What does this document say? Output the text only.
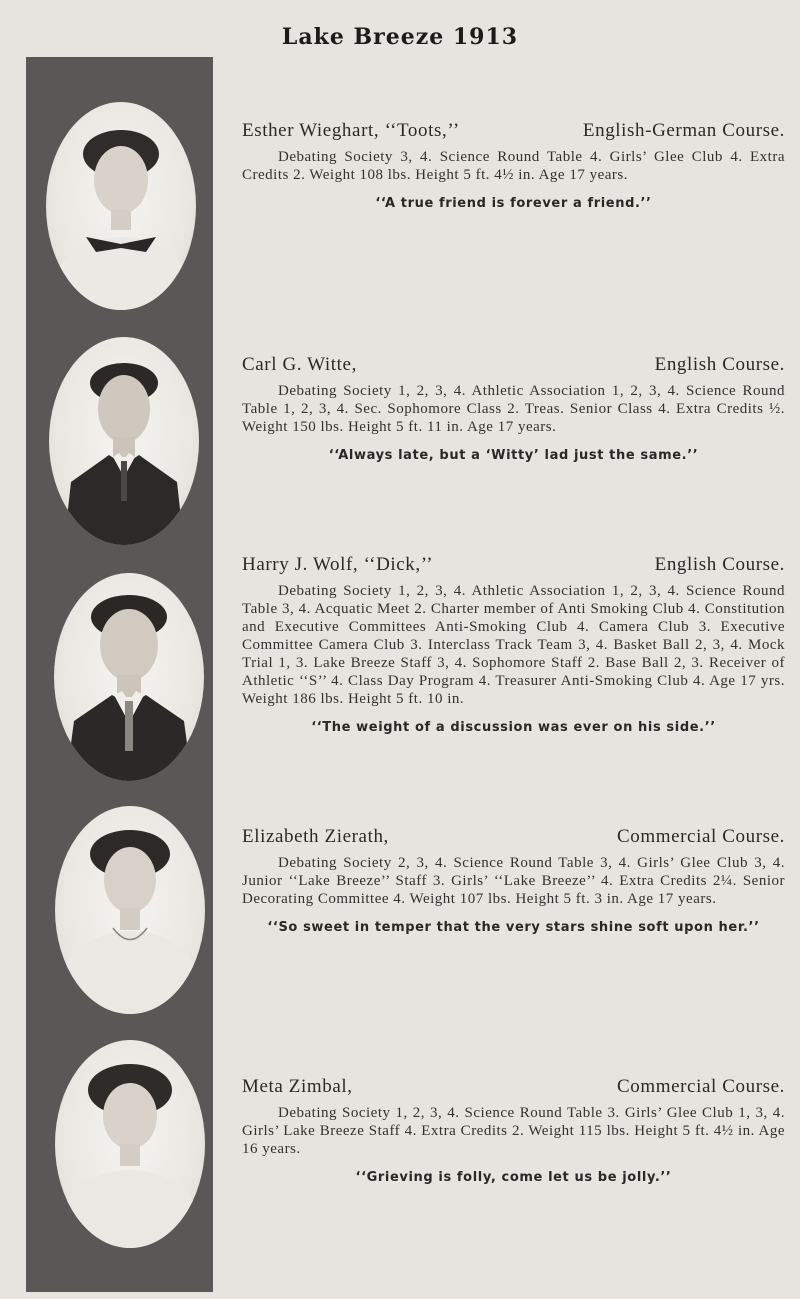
Lake Breeze 1913
Esther Wieghart, ‘‘Toots,’’	English-German Course.
Debating Society 3, 4. Science Round Table 4. Girls’ Glee Club 4. Extra Credits 2. Weight 108 lbs. Height 5 ft. 4½ in. Age 17 years.
‘‘A true friend is forever a friend.’’
Carl G. Witte,	English Course.
Debating Society 1, 2, 3, 4. Athletic Association 1, 2, 3, 4. Science Round Table 1, 2, 3, 4. Sec. Sophomore Class 2. Treas. Senior Class 4. Extra Credits ½. Weight 150 lbs. Height 5 ft. 11 in. Age 17 years.
‘‘Always late, but a ‘Witty’ lad just the same.’’
Harry J. Wolf, ‘‘Dick,’’	English Course.
Debating Society 1, 2, 3, 4. Athletic Association 1, 2, 3, 4. Science Round Table 3, 4. Acquatic Meet 2. Charter member of Anti Smoking Club 4. Constitution and Executive Committees Anti-Smoking Club 4. Camera Club 3. Executive Committee Camera Club 3. Interclass Track Team 3, 4. Basket Ball 2, 3, 4. Mock Trial 1, 3. Lake Breeze Staff 3, 4. Sophomore Staff 2. Base Ball 2, 3. Receiver of Athletic ‘‘S’’ 4. Class Day Program 4. Treasurer Anti-Smoking Club 4. Age 17 yrs. Weight 186 lbs. Height 5 ft. 10 in.
‘‘The weight of a discussion was ever on his side.’’
Elizabeth Zierath,	Commercial Course.
Debating Society 2, 3, 4. Science Round Table 3, 4. Girls’ Glee Club 3, 4. Junior ‘‘Lake Breeze’’ Staff 3. Girls’ ‘‘Lake Breeze’’ 4. Extra Credits 2¼. Senior Decorating Committee 4. Weight 107 lbs. Height 5 ft. 3 in. Age 17 years.
‘‘So sweet in temper that the very stars shine soft upon her.’’
Meta Zimbal,	Commercial Course.
Debating Society 1, 2, 3, 4. Science Round Table 3. Girls’ Glee Club 1, 3, 4. Girls’ Lake Breeze Staff 4. Extra Credits 2. Weight 115 lbs. Height 5 ft. 4½ in. Age 16 years.
‘‘Grieving is folly, come let us be jolly.’’
